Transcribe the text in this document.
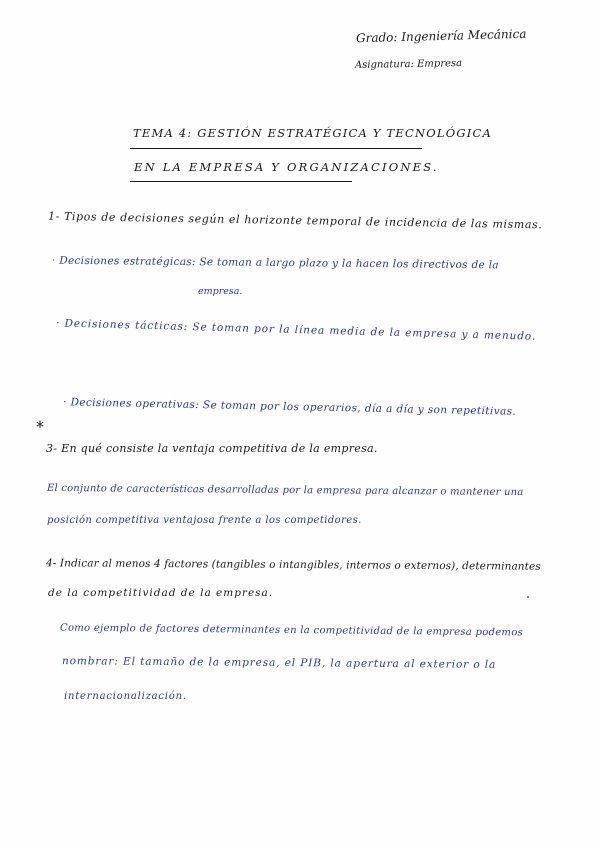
Grado: Ingeniería Mecánica
Asignatura: Empresa
TEMA 4: GESTIÓN ESTRATÉGICA Y TECNOLÓGICA
EN LA EMPRESA Y ORGANIZACIONES.
1- Tipos de decisiones según el horizonte temporal de incidencia de las mismas.
· Decisiones estratégicas: Se toman a largo plazo y la hacen los directivos de la
empresa.
· Decisiones tácticas: Se toman por la línea media de la empresa y a menudo.
*
· Decisiones operativas: Se toman por los operarios, día a día y son repetitivas.
3- En qué consiste la ventaja competitiva de la empresa.
El conjunto de características desarrolladas por la empresa para alcanzar o mantener una
posición competitiva ventajosa frente a los competidores.
4- Indicar al menos 4 factores (tangibles o intangibles, internos o externos), determinantes
de la competitividad de la empresa.
Como ejemplo de factores determinantes en la competitividad de la empresa podemos
nombrar: El tamaño de la empresa, el PIB, la apertura al exterior o la
internacionalización.
